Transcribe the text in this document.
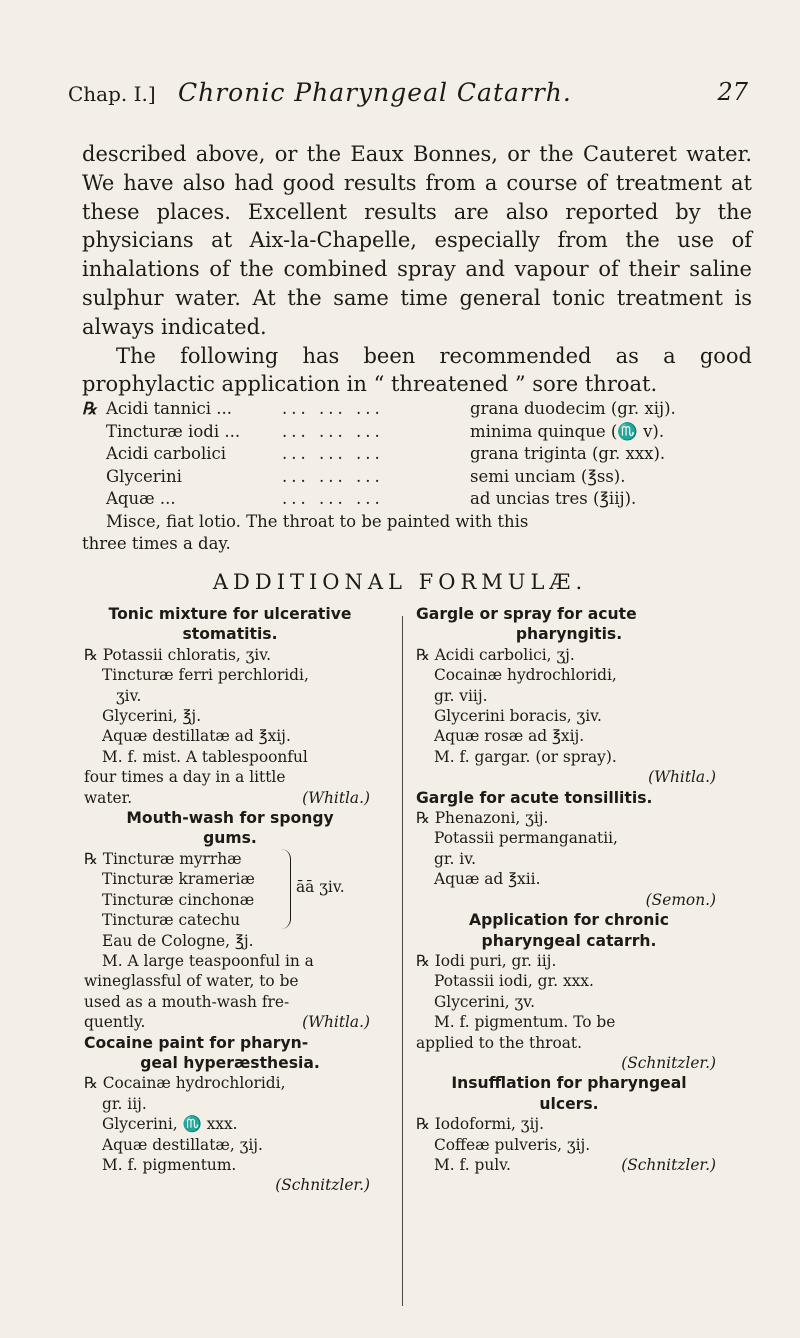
Chap. I.] Chronic Pharyngeal Catarrh.	27

described above, or the Eaux Bonnes, or the Cauteret water. We have also had good results from a course of treatment at these places. Excellent results are also reported by the physicians at Aix-la-Chapelle, especially from the use of inhalations of the combined spray and vapour of their saline sulphur water. At the same time general tonic treatment is always indicated.

The following has been recommended as a good prophylactic application in “ threatened ” sore throat.

℞ Acidi tannici ...	... ... ...	grana duodecim (gr. xij).
Tincturæ iodi ...	... ... ...	minima quinque (♏ v).
Acidi carbolici	... ... ...	grana triginta (gr. xxx).
Glycerini	... ... ...	semi unciam (℥ss).
Aquæ ...	... ... ...	ad uncias tres (℥iij).
Misce, fiat lotio. The throat to be painted with this
three times a day.
ADDITIONAL FORMULÆ.
Tonic mixture for ulcerative
stomatitis.
℞ Potassii chloratis, ʒiv.
Tincturæ ferri perchloridi,
ʒiv.
Glycerini, ℥j.
Aquæ destillatæ ad ℥xij.
M. f. mist. A tablespoonful
four times a day in a little
water.	(Whitla.)
Mouth-wash for spongy
gums.
℞ Tincturæ myrrhæ
Tincturæ krameriæ
Tincturæ cinchonæ
Tincturæ catechu
āā ʒiv.
Eau de Cologne, ℥j.
M. A large teaspoonful in a
wineglassful of water, to be
used as a mouth-wash fre-
quently.	(Whitla.)
Cocaine paint for pharyn-
geal hyperæsthesia.
℞ Cocainæ hydrochloridi,
gr. iij.
Glycerini, ♏ xxx.
Aquæ destillatæ, ʒij.
M. f. pigmentum.
(Schnitzler.)
Gargle or spray for acute
pharyngitis.
℞ Acidi carbolici, ʒj.
Cocainæ hydrochloridi,
gr. viij.
Glycerini boracis, ʒiv.
Aquæ rosæ ad ℥xij.
M. f. gargar. (or spray).
(Whitla.)
Gargle for acute tonsillitis.
℞ Phenazoni, ʒij.
Potassii permanganatii,
gr. iv.
Aquæ ad ℥xii.
(Semon.)
Application for chronic
pharyngeal catarrh.
℞ Iodi puri, gr. iij.
Potassii iodi, gr. xxx.
Glycerini, ʒv.
M. f. pigmentum. To be
applied to the throat.
(Schnitzler.)
Insufflation for pharyngeal
ulcers.
℞ Iodoformi, ʒij.
Coffeæ pulveris, ʒij.
M. f. pulv.	(Schnitzler.)
